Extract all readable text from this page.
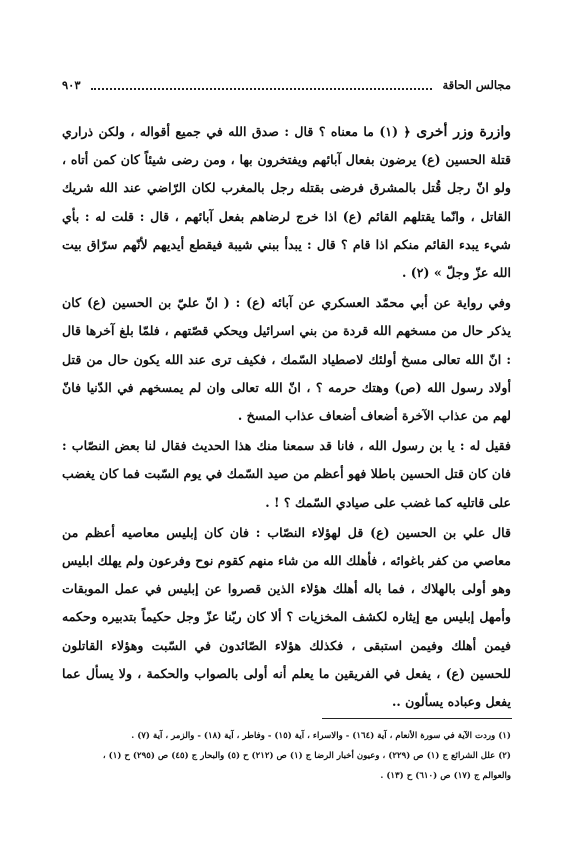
مجالس الحاقة
٩٠٣

وازرة وزر أخرى ﴿ (١) ما معناه ؟ قال : صدق الله في جميع أقواله ، ولكن ذراري قتلة الحسين (ع) يرضون بفعال آبائهم ويفتخرون بها ، ومن رضى شيئاً كان كمن أتاه ، ولو انّ رجل قُتل بالمشرق فرضى بقتله رجل بالمغرب لكان الرّاضي عند الله شريك القاتل ، وانّما يقتلهم القائم (ع) اذا خرج لرضاهم بفعل آبائهم ، قال : قلت له : بأي شيء يبدء القائم منكم اذا قام ؟ قال : يبدأ ببني شيبة فيقطع أيديهم لأنّهم سرّاق بيت الله عزّ وجلّ » (٢) .

وفي رواية عن أبي محمّد العسكري عن آبائه (ع) : ( انّ عليّ بن الحسين (ع) كان يذكر حال من مسخهم الله قردة من بني اسرائيل ويحكي قصّتهم ، فلمّا بلغ آخرها قال : انّ الله تعالى مسخ أولئك لاصطياد السّمك ، فكيف ترى عند الله يكون حال من قتل أولاد رسول الله (ص) وهتك حرمه ؟ ، انّ الله تعالى وان لم يمسخهم في الدّنيا فانّ لهم من عذاب الآخرة أضعاف أضعاف عذاب المسخ .

فقيل له : يا بن رسول الله ، فانا قد سمعنا منك هذا الحديث فقال لنا بعض النصّاب : فان كان قتل الحسين باطلا فهو أعظم من صيد السّمك في يوم السّبت فما كان يغضب على قاتليه كما غضب على صيادي السّمك ؟ ! .

قال علي بن الحسين (ع) قل لهؤلاء النصّاب : فان كان إبليس معاصيه أعظم من معاصي من كفر باغوائه ، فأهلك الله من شاء منهم كقوم نوح وفرعون ولم يهلك ابليس وهو أولى بالهلاك ، فما باله أهلك هؤلاء الذين قصروا عن إبليس في عمل الموبقات وأمهل إبليس مع إيثاره لكشف المخزيات ؟ ألا كان ربّنا عزّ وجل حكيماً بتدبيره وحكمه فيمن أهلك وفيمن استبقى ، فكذلك هؤلاء الصّائدون في السّبت وهؤلاء القاتلون للحسين (ع) ، يفعل في الفريقين ما يعلم أنه أولى بالصواب والحكمة ، ولا يسأل عما يفعل وعباده يسألون ..

(١) وردت الآية في سورة الأنعام ، آية (١٦٤) - والاسراء ، آية (١٥) - وفاطر ، آية (١٨) - والزمر ، آية (٧) .

(٢) علل الشرائع ج (١) ص (٢٢٩) ، وعيون أخبار الرضا ج (١) ص (٢١٢) ح (٥) والبحار ج (٤٥) ص (٢٩٥) ح (١) ،

والعوالم ج (١٧) ص (٦١٠) ح (١٣) .
